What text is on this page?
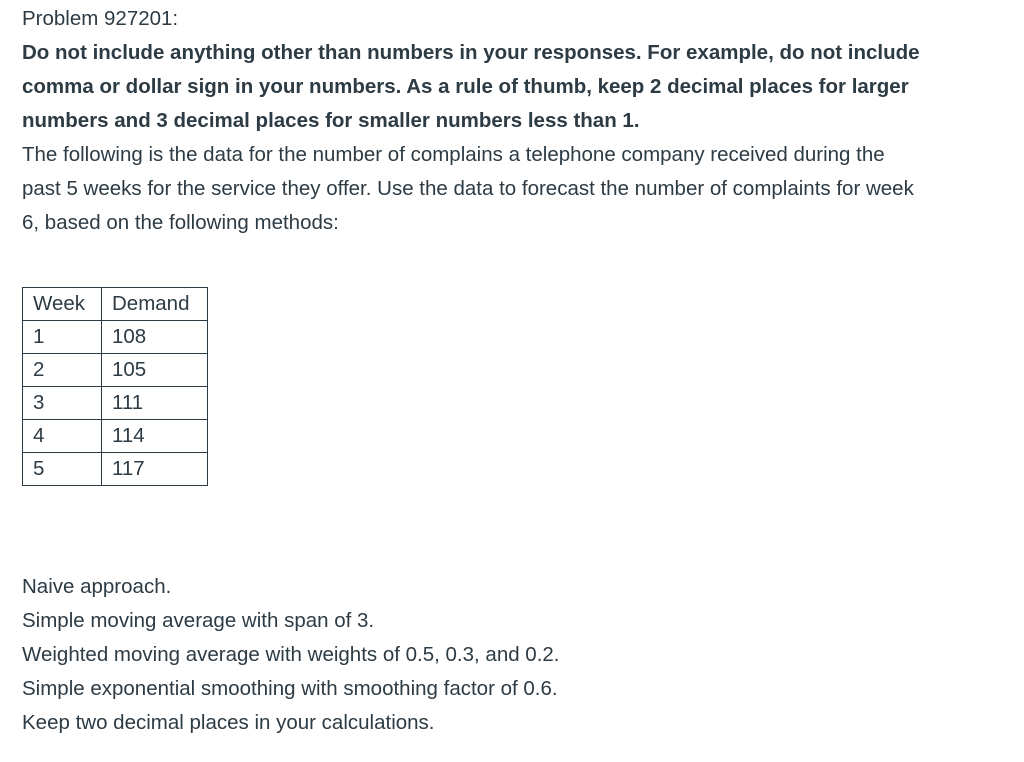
Problem 927201:

Do not include anything other than numbers in your responses. For example, do not include

comma or dollar sign in your numbers. As a rule of thumb, keep 2 decimal places for larger

numbers and 3 decimal places for smaller numbers less than 1.

The following is the data for the number of complains a telephone company received during the

past 5 weeks for the service they offer. Use the data to forecast the number of complaints for week

6, based on the following methods:

Week	Demand
1	108
2	105
3	111
4	114
5	117

Naive approach.

Simple moving average with span of 3.

Weighted moving average with weights of 0.5, 0.3, and 0.2.

Simple exponential smoothing with smoothing factor of 0.6.

Keep two decimal places in your calculations.
